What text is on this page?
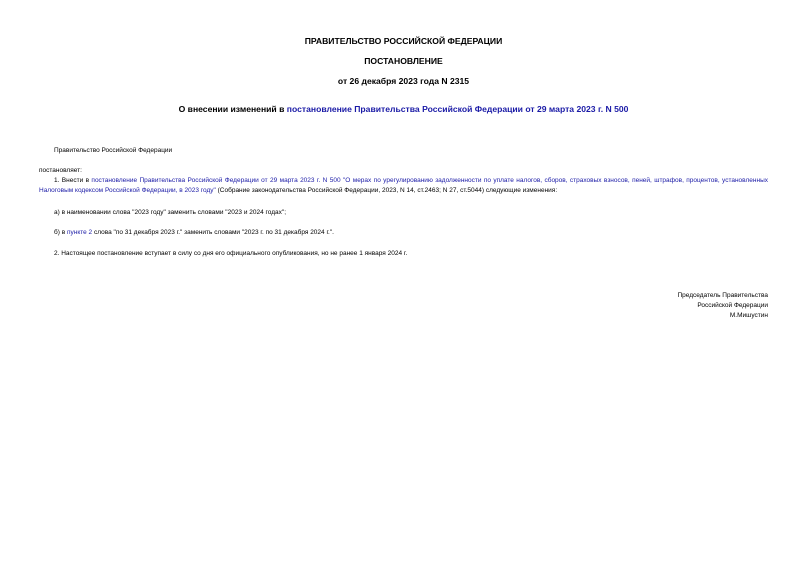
ПРАВИТЕЛЬСТВО РОССИЙСКОЙ ФЕДЕРАЦИИ
ПОСТАНОВЛЕНИЕ
от 26 декабря 2023 года N 2315
О внесении изменений в постановление Правительства Российской Федерации от 29 марта 2023 г. N 500
Правительство Российской Федерации
постановляет:
1. Внести в постановление Правительства Российской Федерации от 29 марта 2023 г. N 500 "О мерах по урегулированию задолженности по уплате налогов, сборов, страховых взносов, пеней, штрафов, процентов, установленных Налоговым кодексом Российской Федерации, в 2023 году" (Собрание законодательства Российской Федерации, 2023, N 14, ст.2463; N 27, ст.5044) следующие изменения:
а) в наименовании слова "2023 году" заменить словами "2023 и 2024 годах";
б) в пункте 2 слова "по 31 декабря 2023 г." заменить словами "2023 г. по 31 декабря 2024 г.".
2. Настоящее постановление вступает в силу со дня его официального опубликования, но не ранее 1 января 2024 г.
Председатель Правительства
Российской Федерации
М.Мишустин
